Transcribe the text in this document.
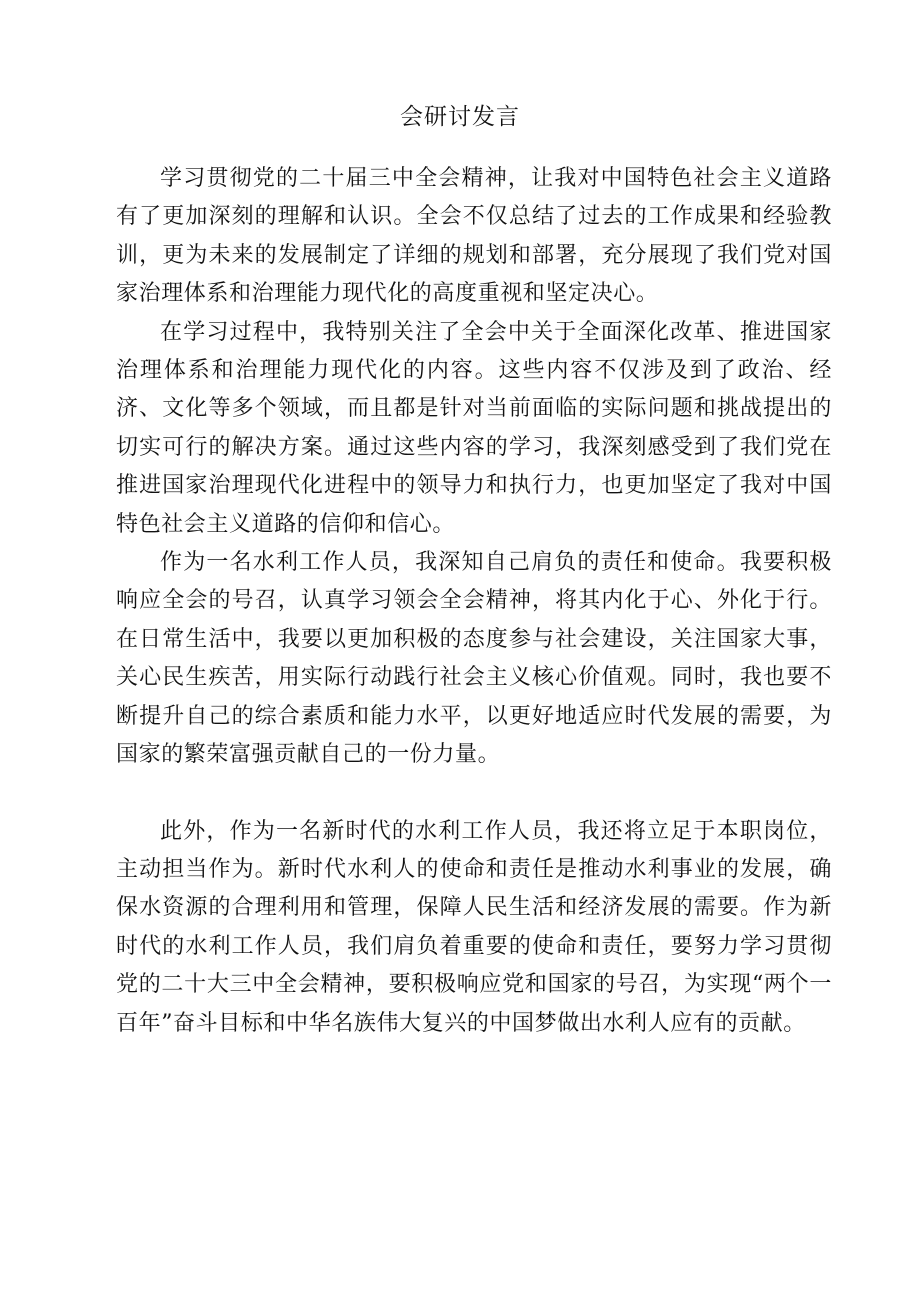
会研讨发言

学习贯彻党的二十届三中全会精神，让我对中国特色社会主义道路有了更加深刻的理解和认识。全会不仅总结了过去的工作成果和经验教训，更为未来的发展制定了详细的规划和部署，充分展现了我们党对国家治理体系和治理能力现代化的高度重视和坚定决心。

在学习过程中，我特别关注了全会中关于全面深化改革、推进国家治理体系和治理能力现代化的内容。这些内容不仅涉及到了政治、经济、文化等多个领域，而且都是针对当前面临的实际问题和挑战提出的切实可行的解决方案。通过这些内容的学习，我深刻感受到了我们党在推进国家治理现代化进程中的领导力和执行力，也更加坚定了我对中国特色社会主义道路的信仰和信心。

作为一名水利工作人员，我深知自己肩负的责任和使命。我要积极响应全会的号召，认真学习领会全会精神，将其内化于心、外化于行。在日常生活中，我要以更加积极的态度参与社会建设，关注国家大事，关心民生疾苦，用实际行动践行社会主义核心价值观。同时，我也要不断提升自己的综合素质和能力水平，以更好地适应时代发展的需要，为国家的繁荣富强贡献自己的一份力量。

此外，作为一名新时代的水利工作人员，我还将立足于本职岗位，主动担当作为。新时代水利人的使命和责任是推动水利事业的发展，确保水资源的合理利用和管理，保障人民生活和经济发展的需要。作为新时代的水利工作人员，我们肩负着重要的使命和责任，要努力学习贯彻党的二十大三中全会精神，要积极响应党和国家的号召，为实现“两个一百年”奋斗目标和中华名族伟大复兴的中国梦做出水利人应有的贡献。
